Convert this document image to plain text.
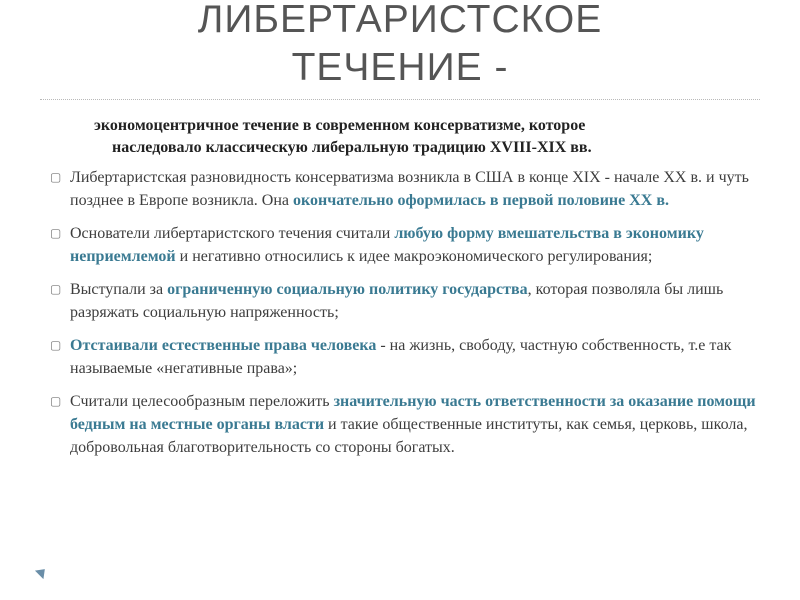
ЛИБЕРТАРИСТСКОЕ
ТЕЧЕНИЕ -
экономоцентричное течение в современном консерватизме, которое
наследовало классическую либеральную традицию XVIII-XIX вв.
▢ Либертаристская разновидность консерватизма возникла в США в конце XIX - начале XX в. и чуть позднее в Европе возникла. Она окончательно оформилась в первой половине XX в.
▢ Основатели либертаристского течения считали любую форму вмешательства в экономику неприемлемой и негативно относились к идее макроэкономического регулирования;
▢ Выступали за ограниченную социальную политику государства, которая позволяла бы лишь разряжать социальную напряженность;
▢ Отстаивали естественные права человека - на жизнь, свободу, частную собственность, т.е так называемые «негативные права»;
▢ Считали целесообразным переложить значительную часть ответственности за оказание помощи бедным на местные органы власти и такие общественные институты, как семья, церковь, школа, добровольная благотворительность со стороны богатых.
